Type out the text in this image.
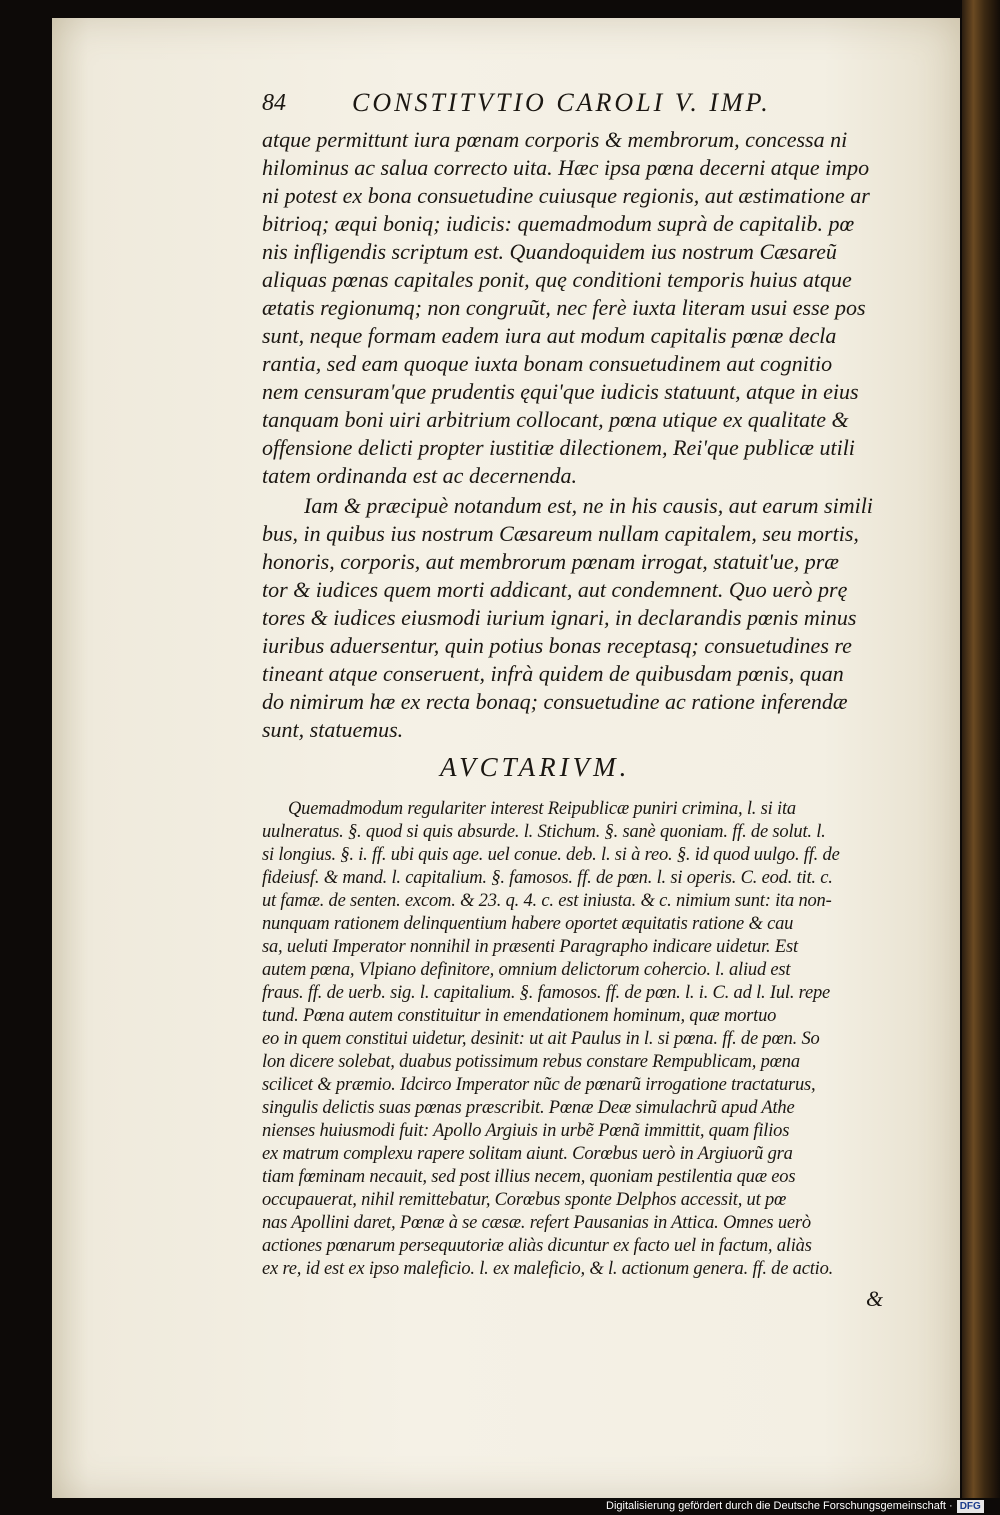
84	CONSTITVTIO CAROLI V. IMP.
atque permittunt iura pœnam corporis & membrorum, concessa ni
hilominus ac salua correcto uita. Hæc ipsa pœna decerni atque impo
ni potest ex bona consuetudine cuiusque regionis, aut æstimatione ar
bitrioq; æqui boniq; iudicis: quemadmodum suprà de capitalib. pœ
nis infligendis scriptum est. Quandoquidem ius nostrum Cæsareũ
aliquas pœnas capitales ponit, quę conditioni temporis huius atque
ætatis regionumq; non congruũt, nec ferè iuxta literam usui esse pos
sunt, neque formam eadem iura aut modum capitalis pœnæ decla
rantia, sed eam quoque iuxta bonam consuetudinem aut cognitio
nem censuram'que prudentis ęqui'que iudicis statuunt, atque in eius
tanquam boni uiri arbitrium collocant, pœna utique ex qualitate &
offensione delicti propter iustitiæ dilectionem, Rei'que publicæ utili
tatem ordinanda est ac decernenda.
Iam & præcipuè notandum est, ne in his causis, aut earum simili
bus, in quibus ius nostrum Cæsareum nullam capitalem, seu mortis,
honoris, corporis, aut membrorum pœnam irrogat, statuit'ue, præ
tor & iudices quem morti addicant, aut condemnent. Quo uerò prę
tores & iudices eiusmodi iurium ignari, in declarandis pœnis minus
iuribus aduersentur, quin potius bonas receptasq; consuetudines re
tineant atque conseruent, infrà quidem de quibusdam pœnis, quan
do nimirum hæ ex recta bonaq; consuetudine ac ratione inferendæ
sunt, statuemus.
AVCTARIVM.
Quemadmodum regulariter interest Reipublicæ puniri crimina, l. si ita
uulneratus. §. quod si quis absurde. l. Stichum. §. sanè quoniam. ff. de solut. l.
si longius. §. i. ff. ubi quis age. uel conue. deb. l. si à reo. §. id quod uulgo. ff. de
fideiusf. & mand. l. capitalium. §. famosos. ff. de pœn. l. si operis. C. eod. tit. c.
ut famæ. de senten. excom. & 23. q. 4. c. est iniusta. & c. nimium sunt: ita non-
nunquam rationem delinquentium habere oportet æquitatis ratione & cau
sa, ueluti Imperator nonnihil in præsenti Paragrapho indicare uidetur. Est
autem pœna, Vlpiano definitore, omnium delictorum cohercio. l. aliud est
fraus. ff. de uerb. sig. l. capitalium. §. famosos. ff. de pœn. l. i. C. ad l. Iul. repe
tund. Pœna autem constituitur in emendationem hominum, quæ mortuo
eo in quem constitui uidetur, desinit: ut ait Paulus in l. si pœna. ff. de pœn. So
lon dicere solebat, duabus potissimum rebus constare Rempublicam, pœna
scilicet & præmio. Idcirco Imperator nũc de pœnarũ irrogatione tractaturus,
singulis delictis suas pœnas præscribit. Pœnæ Deæ simulachrũ apud Athe
nienses huiusmodi fuit: Apollo Argiuis in urbẽ Pœnã immittit, quam filios
ex matrum complexu rapere solitam aiunt. Corœbus uerò in Argiuorũ gra
tiam fœminam necauit, sed post illius necem, quoniam pestilentia quæ eos
occupauerat, nihil remittebatur, Corœbus sponte Delphos accessit, ut pœ
nas Apollini daret, Pœnæ à se cæsæ. refert Pausanias in Attica. Omnes uerò
actiones pœnarum persequutoriæ aliàs dicuntur ex facto uel in factum, aliàs
ex re, id est ex ipso maleficio. l. ex maleficio, & l. actionum genera. ff. de actio.
&
Digitalisierung gefördert durch die Deutsche Forschungsgemeinschaft · DFG
